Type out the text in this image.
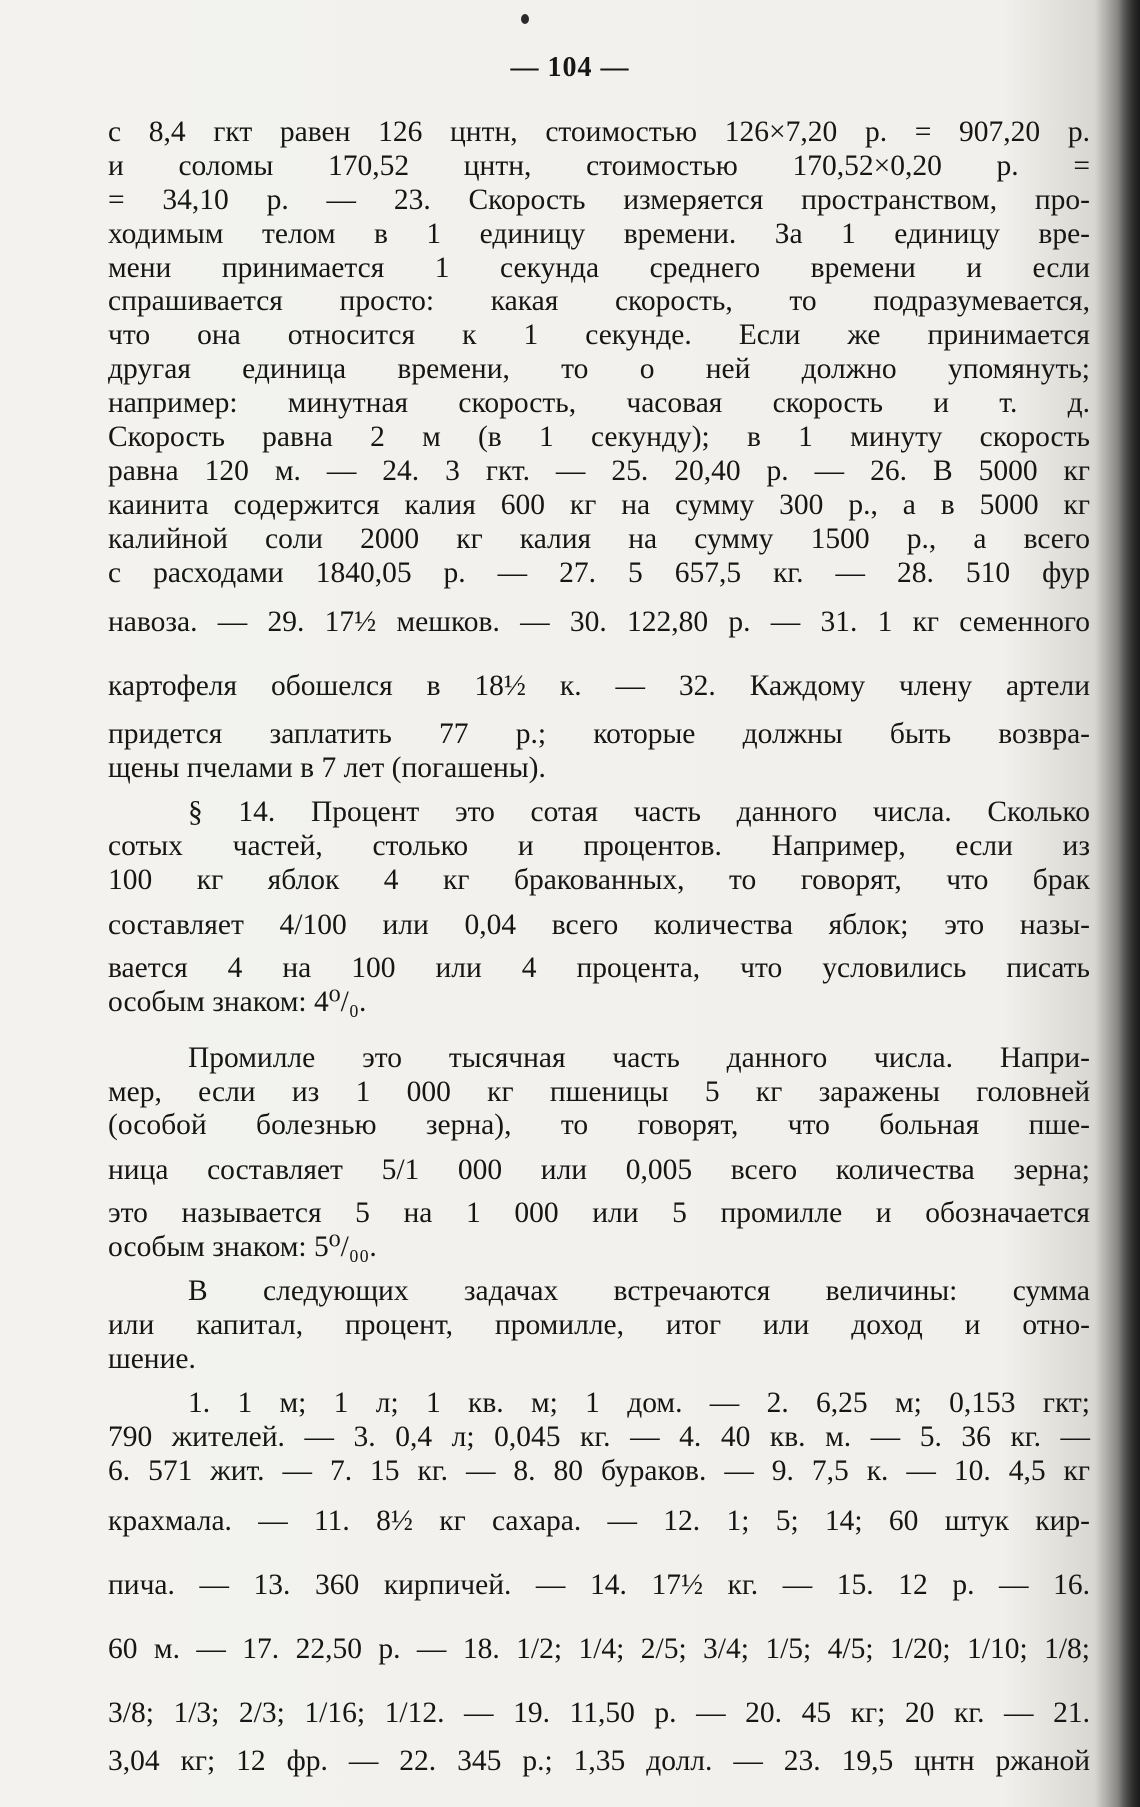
— 104 —
с 8,4 гкт равен 126 цнтн, стоимостью 126×7,20 р. = 907,20 р.
и соломы 170,52 цнтн, стоимостью 170,52×0,20 р. =
= 34,10 р. — 23. Скорость измеряется пространством, про-
ходимым телом в 1 единицу времени. За 1 единицу вре-
мени принимается 1 секунда среднего времени и если
спрашивается просто: какая скорость, то подразумевается,
что она относится к 1 секунде. Если же принимается
другая единица времени, то о ней должно упомянуть;
например: минутная скорость, часовая скорость и т. д.
Скорость равна 2 м (в 1 секунду); в 1 минуту скорость
равна 120 м. — 24. 3 гкт. — 25. 20,40 р. — 26. В 5000 кг
каинита содержится калия 600 кг на сумму 300 р., а в 5000 кг
калийной соли 2000 кг калия на сумму 1500 р., а всего
с расходами 1840,05 р. — 27. 5 657,5 кг. — 28. 510 фур
навоза. — 29. 17½ мешков. — 30. 122,80 р. — 31. 1 кг семенного
картофеля обошелся в 18½ к. — 32. Каждому члену артели
придется заплатить 77 р.; которые должны быть возвра-
щены пчелами в 7 лет (погашены).
§ 14. Процент это сотая часть данного числа. Сколько
сотых частей, столько и процентов. Например, если из
100 кг яблок 4 кг бракованных, то говорят, что брак
составляет 4/100 или 0,04 всего количества яблок; это назы-
вается 4 на 100 или 4 процента, что условились писать
особым знаком: 4⁰/₀.
Промилле это тысячная часть данного числа. Напри-
мер, если из 1 000 кг пшеницы 5 кг заражены головней
(особой болезнью зерна), то говорят, что больная пше-
ница составляет 5/1 000 или 0,005 всего количества зерна;
это называется 5 на 1 000 или 5 промилле и обозначается
особым знаком: 5⁰/₀₀.
В следующих задачах встречаются величины: сумма
или капитал, процент, промилле, итог или доход и отно-
шение.
1. 1 м; 1 л; 1 кв. м; 1 дом. — 2. 6,25 м; 0,153 гкт;
790 жителей. — 3. 0,4 л; 0,045 кг. — 4. 40 кв. м. — 5. 36 кг. —
6. 571 жит. — 7. 15 кг. — 8. 80 бураков. — 9. 7,5 к. — 10. 4,5 кг
крахмала. — 11. 8½ кг сахара. — 12. 1; 5; 14; 60 штук кир-
пича. — 13. 360 кирпичей. — 14. 17½ кг. — 15. 12 р. — 16.
60 м. — 17. 22,50 р. — 18. 1/2; 1/4; 2/5; 3/4; 1/5; 4/5; 1/20; 1/10; 1/8;
3/8; 1/3; 2/3; 1/16; 1/12. — 19. 11,50 р. — 20. 45 кг; 20 кг. — 21.
3,04 кг; 12 фр. — 22. 345 р.; 1,35 долл. — 23. 19,5 цнтн ржаной
